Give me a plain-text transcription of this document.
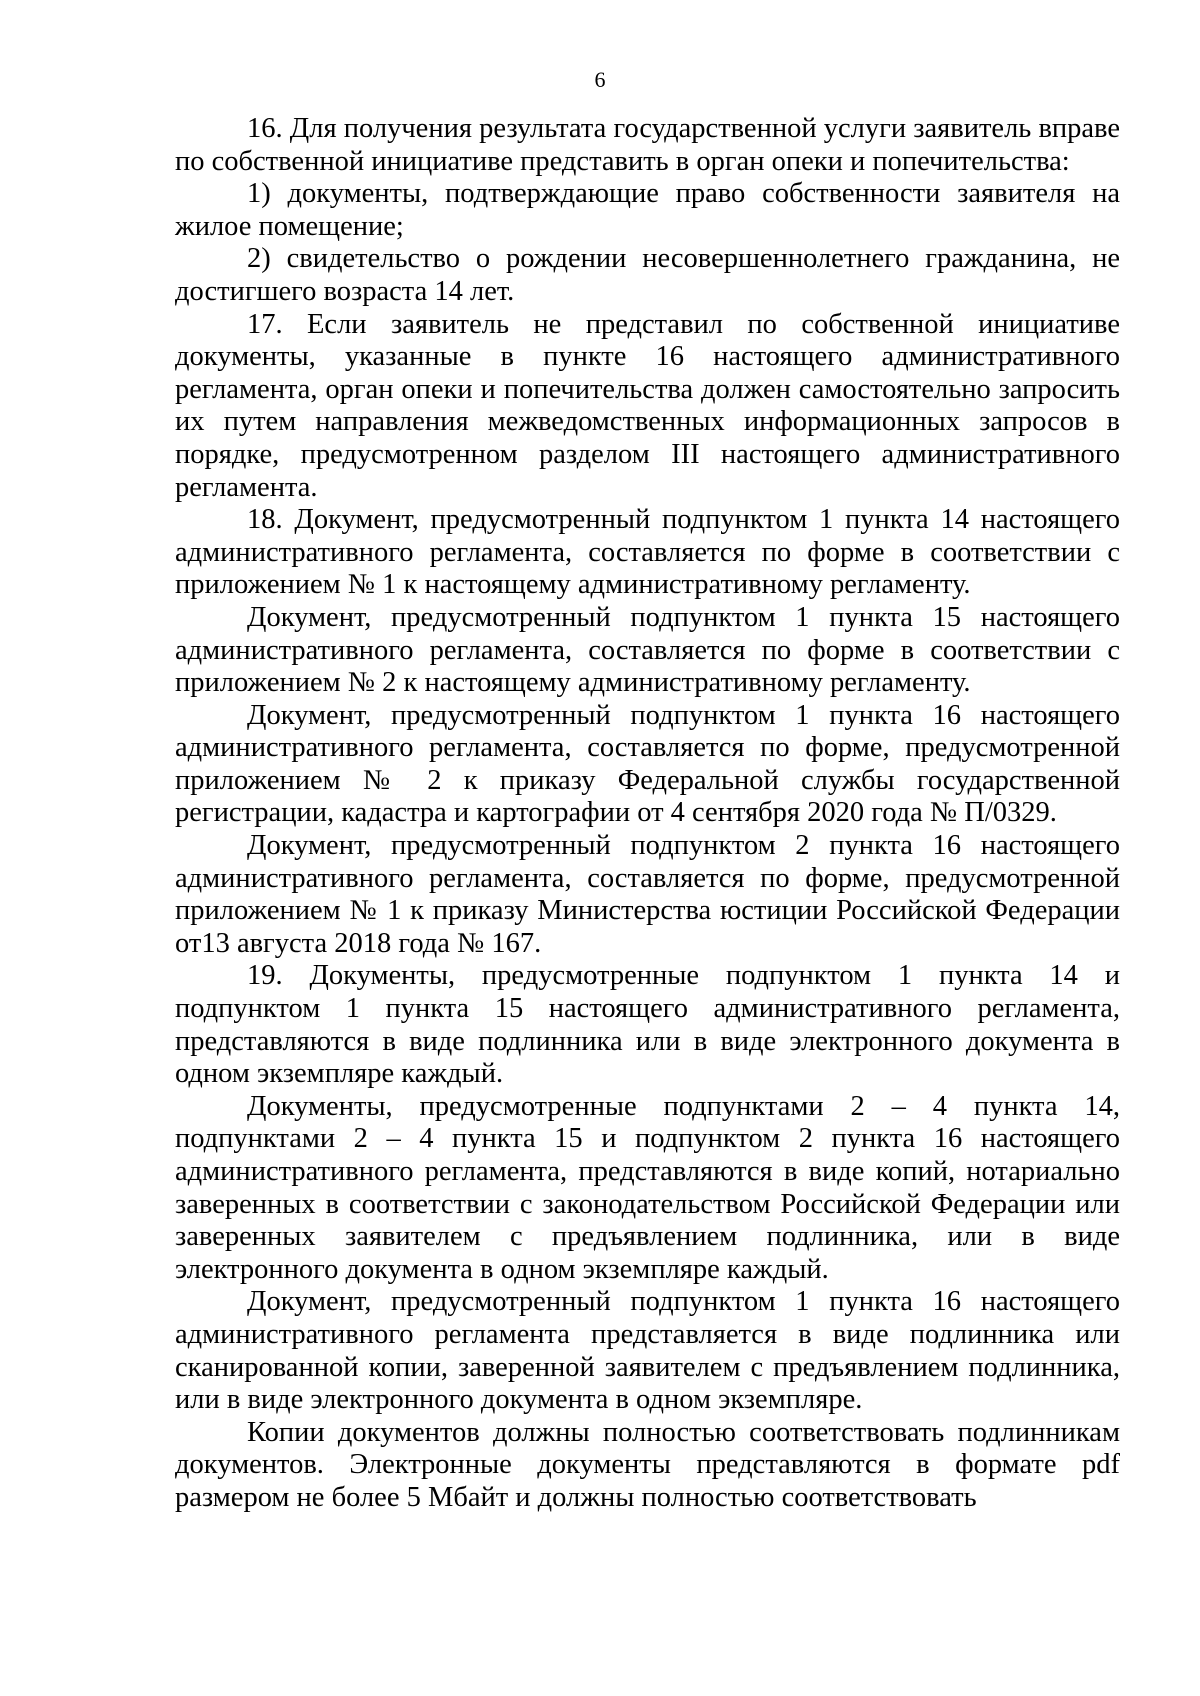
6

16. Для получения результата государственной услуги заявитель вправе по собственной инициативе представить в орган опеки и попечительства:

1) документы, подтверждающие право собственности заявителя на жилое помещение;

2) свидетельство о рождении несовершеннолетнего гражданина, не достигшего возраста 14 лет.

17. Если заявитель не представил по собственной инициативе документы, указанные в пункте 16 настоящего административного регламента, орган опеки и попечительства должен самостоятельно запросить их путем направления межведомственных информационных запросов в порядке, предусмотренном разделом III настоящего административного регламента.

18. Документ, предусмотренный подпунктом 1 пункта 14 настоящего административного регламента, составляется по форме в соответствии с приложением № 1 к настоящему административному регламенту.

Документ, предусмотренный подпунктом 1 пункта 15 настоящего административного регламента, составляется по форме в соответствии с приложением № 2 к настоящему административному регламенту.

Документ, предусмотренный подпунктом 1 пункта 16 настоящего административного регламента, составляется по форме, предусмотренной приложением № 2 к приказу Федеральной службы государственной регистрации, кадастра и картографии от 4 сентября 2020 года № П/0329.

Документ, предусмотренный подпунктом 2 пункта 16 настоящего административного регламента, составляется по форме, предусмотренной приложением № 1 к приказу Министерства юстиции Российской Федерации от13 августа 2018 года № 167.

19. Документы, предусмотренные подпунктом 1 пункта 14 и подпунктом 1 пункта 15 настоящего административного регламента, представляются в виде подлинника или в виде электронного документа в одном экземпляре каждый.

Документы, предусмотренные подпунктами 2 – 4 пункта 14, подпунктами 2 – 4 пункта 15 и подпунктом 2 пункта 16 настоящего административного регламента, представляются в виде копий, нотариально заверенных в соответствии с законодательством Российской Федерации или заверенных заявителем с предъявлением подлинника, или в виде электронного документа в одном экземпляре каждый.

Документ, предусмотренный подпунктом 1 пункта 16 настоящего административного регламента представляется в виде подлинника или сканированной копии, заверенной заявителем с предъявлением подлинника, или в виде электронного документа в одном экземпляре.

Копии документов должны полностью соответствовать подлинникам документов. Электронные документы представляются в формате pdf размером не более 5 Мбайт и должны полностью соответствовать
